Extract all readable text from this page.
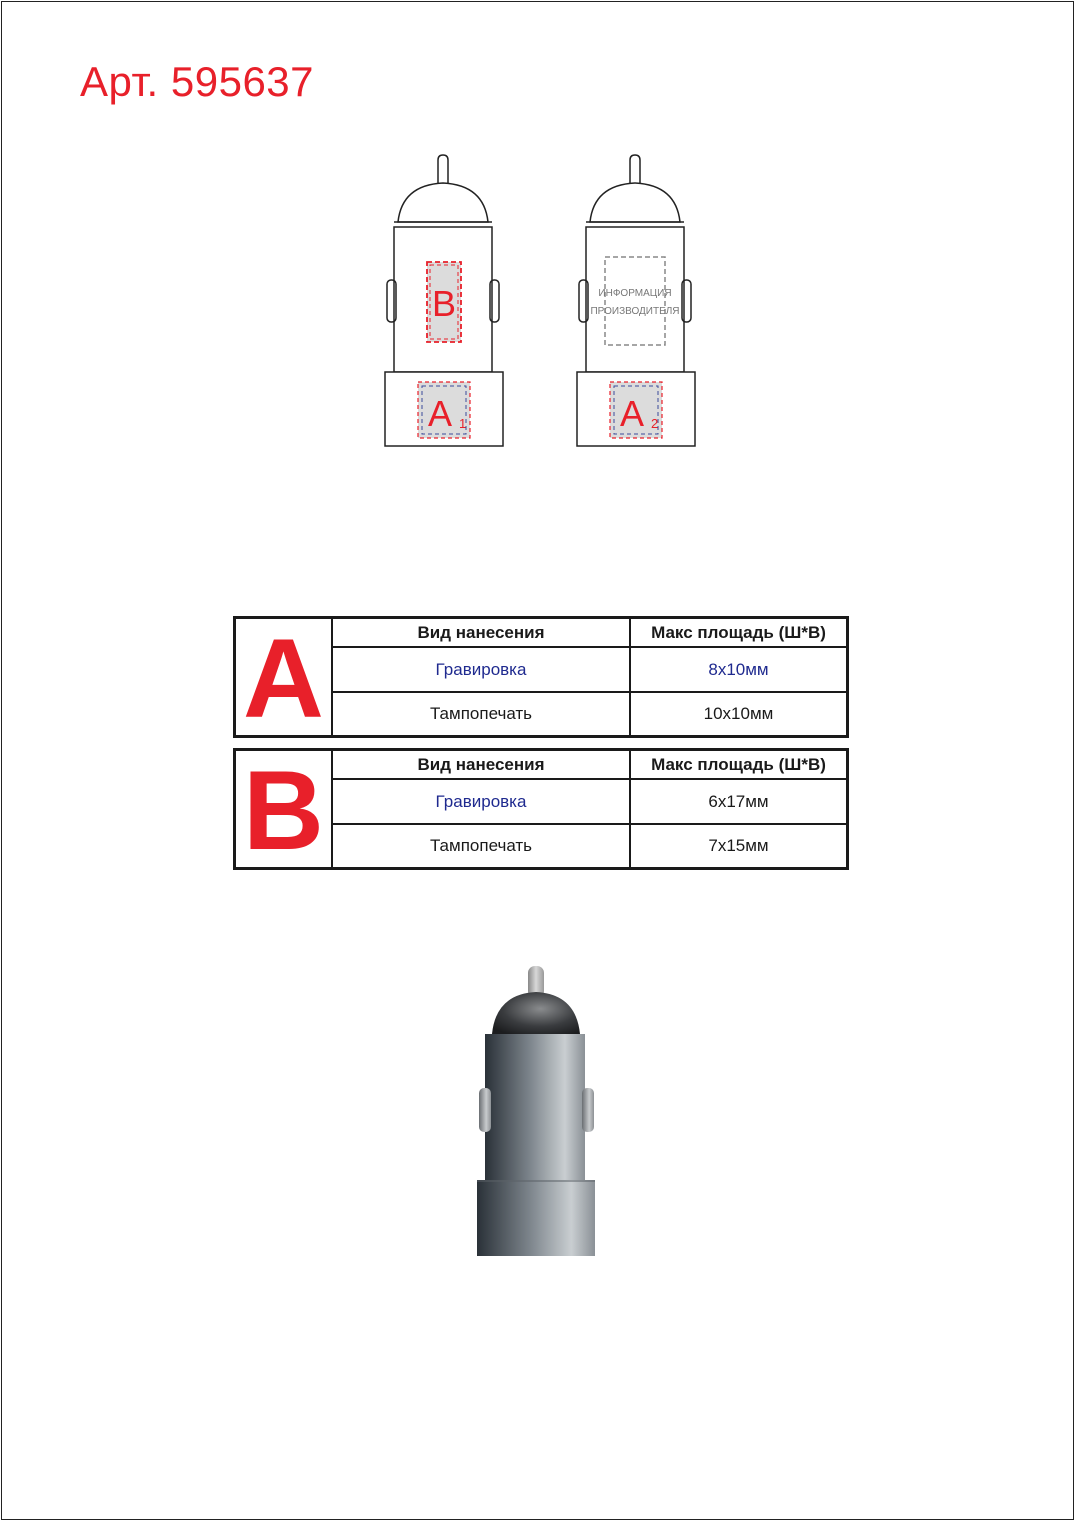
Арт. 595637
ИНФОРМАЦИЯ
ПРОИЗВОДИТЕЛЯ
B
A 1	A 2
A	Вид нанесения	Макс площадь (Ш*В)
	Гравировка	8x10мм
	Тампопечать	10x10мм
B	Вид нанесения	Макс площадь (Ш*В)
	Гравировка	6x17мм
	Тампопечать	7x15мм
